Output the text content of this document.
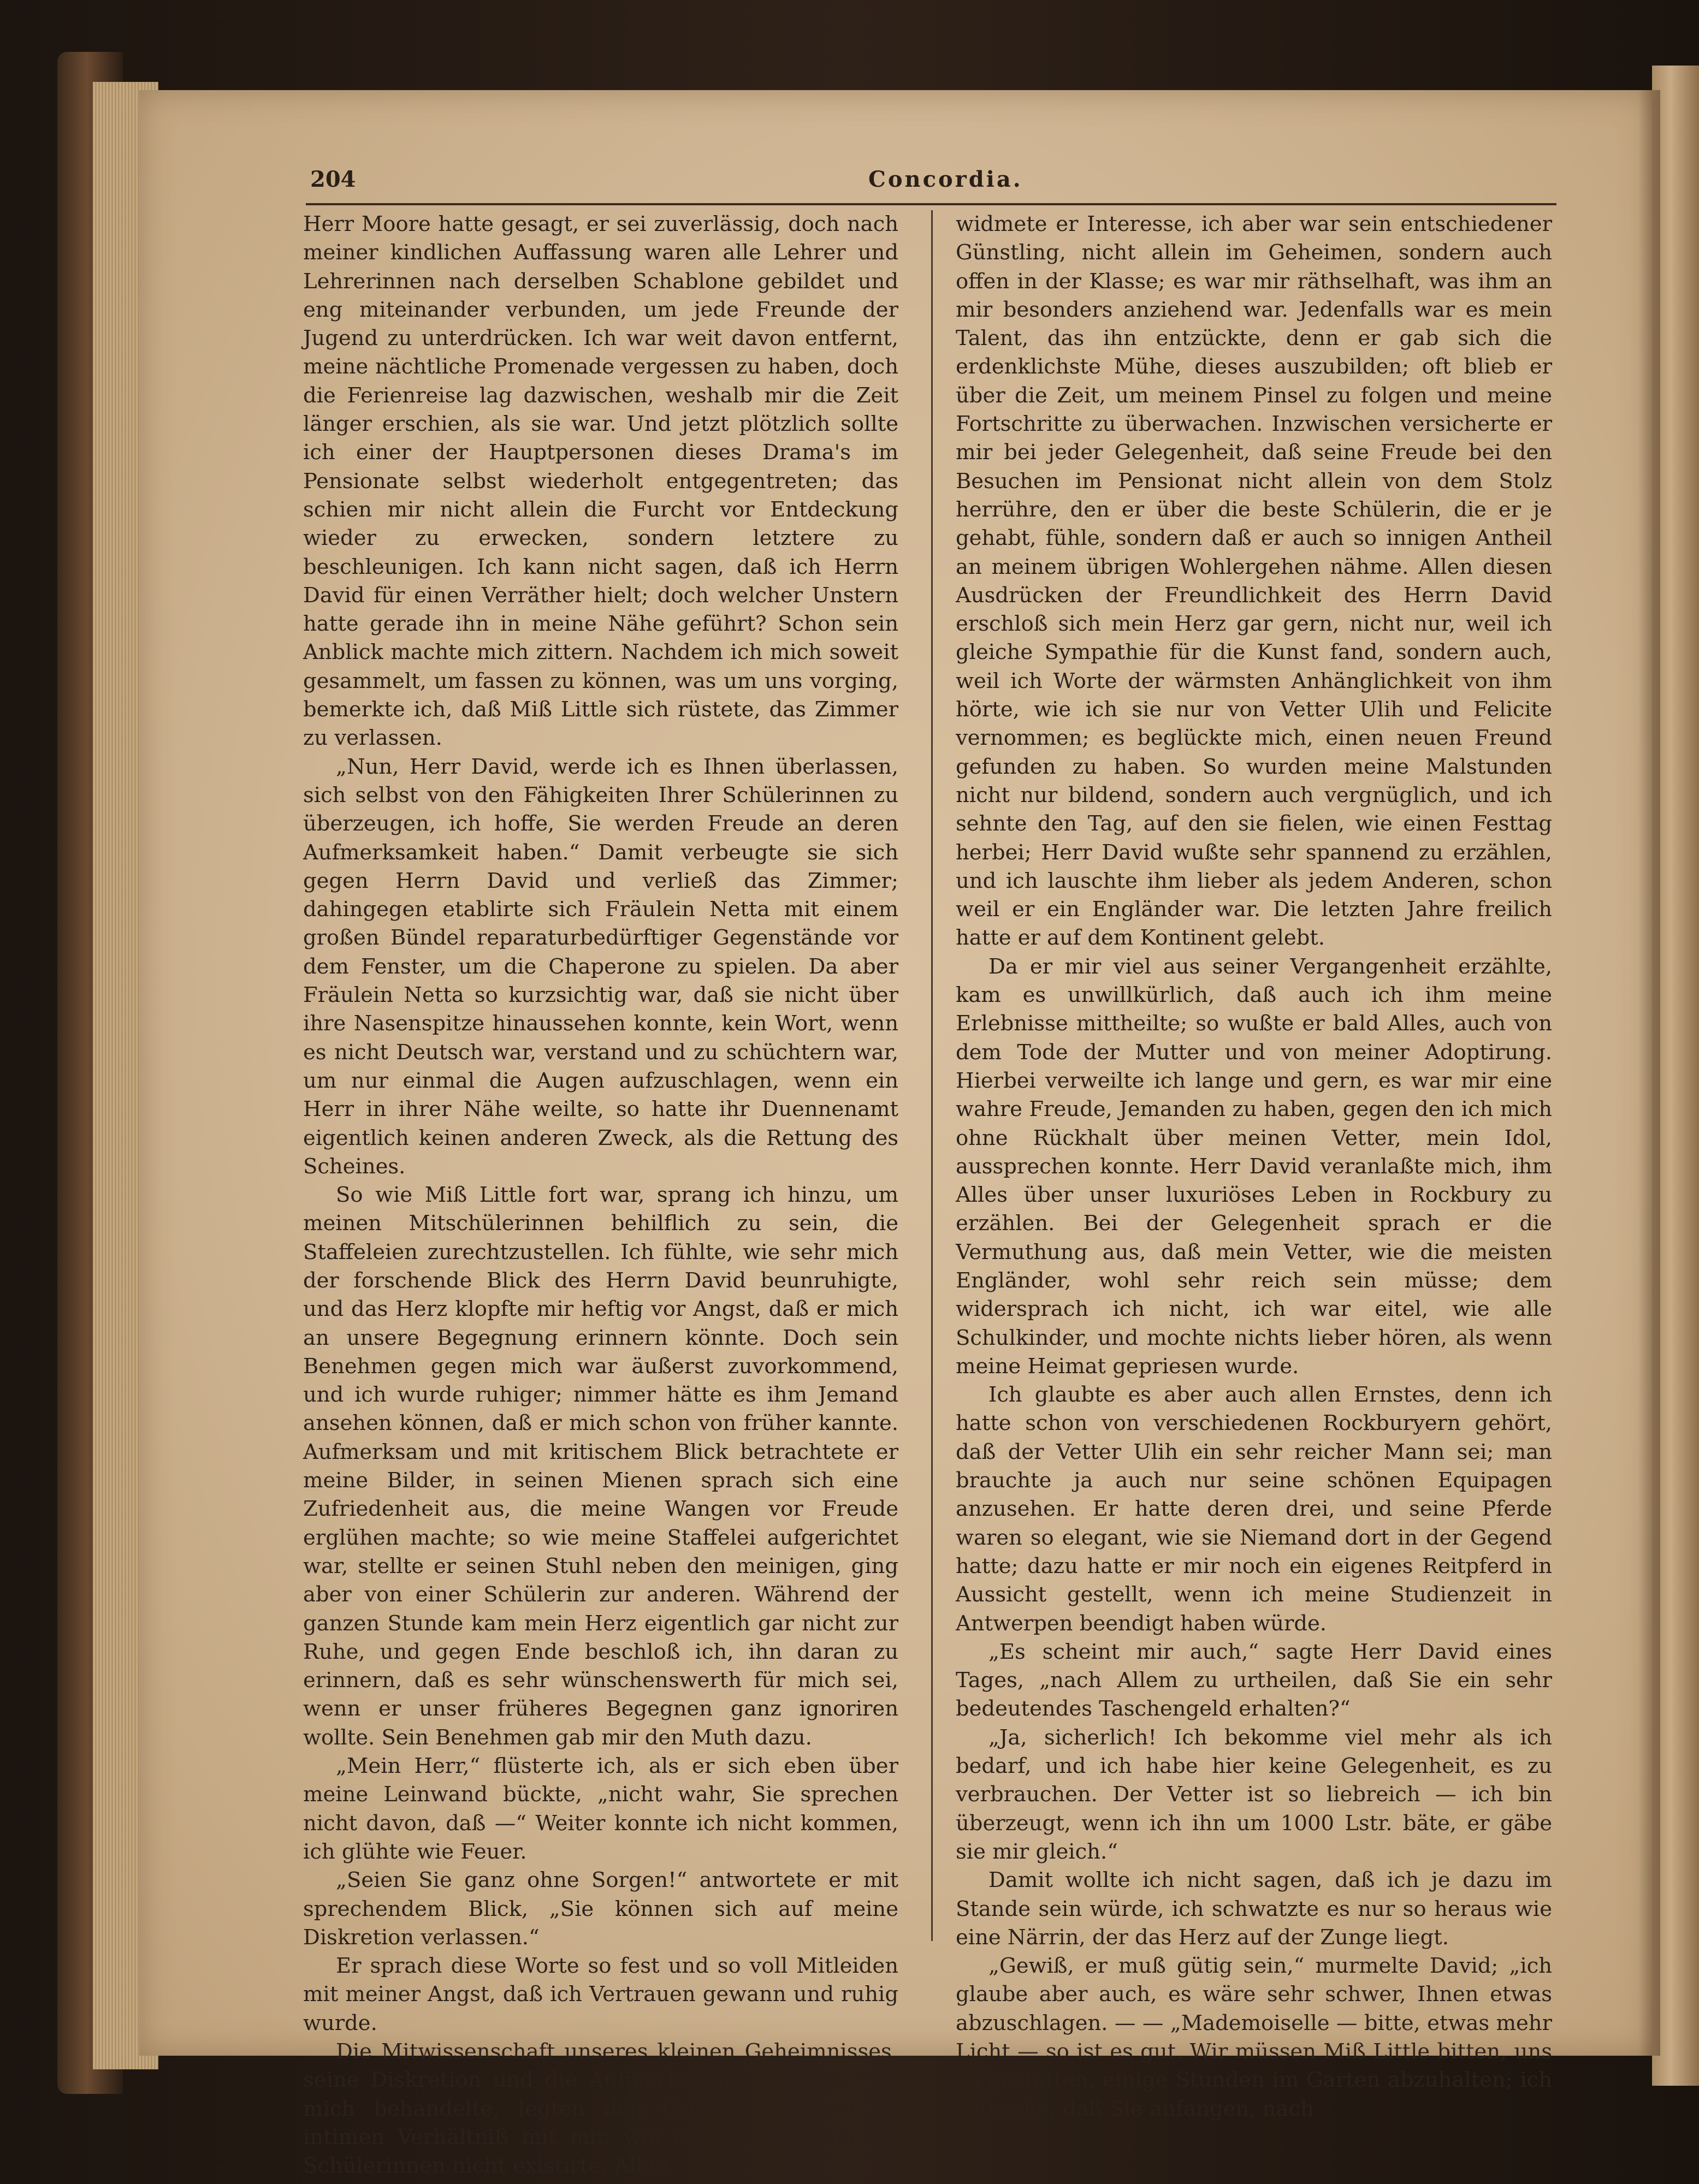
204	Concordia.

Herr Moore hatte gesagt, er sei zuverlässig, doch nach meiner kindlichen Auffassung waren alle Lehrer und Lehrerinnen nach derselben Schablone gebildet und eng miteinander verbunden, um jede Freunde der Jugend zu unterdrücken. Ich war weit davon entfernt, meine nächtliche Promenade vergessen zu haben, doch die Ferienreise lag dazwischen, weshalb mir die Zeit länger erschien, als sie war. Und jetzt plötzlich sollte ich einer der Hauptpersonen dieses Drama's im Pensionate selbst wiederholt entgegentreten; das schien mir nicht allein die Furcht vor Entdeckung wieder zu erwecken, sondern letztere zu beschleunigen. Ich kann nicht sagen, daß ich Herrn David für einen Verräther hielt; doch welcher Unstern hatte gerade ihn in meine Nähe geführt? Schon sein Anblick machte mich zittern. Nachdem ich mich soweit gesammelt, um fassen zu können, was um uns vorging, bemerkte ich, daß Miß Little sich rüstete, das Zimmer zu verlassen.

„Nun, Herr David, werde ich es Ihnen überlassen, sich selbst von den Fähigkeiten Ihrer Schülerinnen zu überzeugen, ich hoffe, Sie werden Freude an deren Aufmerksamkeit haben.“ Damit verbeugte sie sich gegen Herrn David und verließ das Zimmer; dahingegen etablirte sich Fräulein Netta mit einem großen Bündel reparaturbedürftiger Gegenstände vor dem Fenster, um die Chaperone zu spielen. Da aber Fräulein Netta so kurzsichtig war, daß sie nicht über ihre Nasenspitze hinaussehen konnte, kein Wort, wenn es nicht Deutsch war, verstand und zu schüchtern war, um nur einmal die Augen aufzuschlagen, wenn ein Herr in ihrer Nähe weilte, so hatte ihr Duennenamt eigentlich keinen anderen Zweck, als die Rettung des Scheines.

So wie Miß Little fort war, sprang ich hinzu, um meinen Mitschülerinnen behilflich zu sein, die Staffeleien zurechtzustellen. Ich fühlte, wie sehr mich der forschende Blick des Herrn David beunruhigte, und das Herz klopfte mir heftig vor Angst, daß er mich an unsere Begegnung erinnern könnte. Doch sein Benehmen gegen mich war äußerst zuvorkommend, und ich wurde ruhiger; nimmer hätte es ihm Jemand ansehen können, daß er mich schon von früher kannte. Aufmerksam und mit kritischem Blick betrachtete er meine Bilder, in seinen Mienen sprach sich eine Zufriedenheit aus, die meine Wangen vor Freude erglühen machte; so wie meine Staffelei aufgerichtet war, stellte er seinen Stuhl neben den meinigen, ging aber von einer Schülerin zur anderen. Während der ganzen Stunde kam mein Herz eigentlich gar nicht zur Ruhe, und gegen Ende beschloß ich, ihn daran zu erinnern, daß es sehr wünschenswerth für mich sei, wenn er unser früheres Begegnen ganz ignoriren wollte. Sein Benehmen gab mir den Muth dazu.

„Mein Herr,“ flüsterte ich, als er sich eben über meine Leinwand bückte, „nicht wahr, Sie sprechen nicht davon, daß —“ Weiter konnte ich nicht kommen, ich glühte wie Feuer.

„Seien Sie ganz ohne Sorgen!“ antwortete er mit sprechendem Blick, „Sie können sich auf meine Diskretion verlassen.“

Er sprach diese Worte so fest und so voll Mitleiden mit meiner Angst, daß ich Vertrauen gewann und ruhig wurde.

Die Mitwissenschaft unseres kleinen Geheimnisses, seine Diskretion und die Aufmerksamkeit, mit der er mich behandelte, legten den Grund zu einem so intimen Verhältniß mit mir, wie es mit den anderen Schülerinnen nicht existirte. Allen

widmete er Interesse, ich aber war sein entschiedener Günstling, nicht allein im Geheimen, sondern auch offen in der Klasse; es war mir räthselhaft, was ihm an mir besonders anziehend war. Jedenfalls war es mein Talent, das ihn entzückte, denn er gab sich die erdenklichste Mühe, dieses auszubilden; oft blieb er über die Zeit, um meinem Pinsel zu folgen und meine Fortschritte zu überwachen. Inzwischen versicherte er mir bei jeder Gelegenheit, daß seine Freude bei den Besuchen im Pensionat nicht allein von dem Stolz herrühre, den er über die beste Schülerin, die er je gehabt, fühle, sondern daß er auch so innigen Antheil an meinem übrigen Wohlergehen nähme. Allen diesen Ausdrücken der Freundlichkeit des Herrn David erschloß sich mein Herz gar gern, nicht nur, weil ich gleiche Sympathie für die Kunst fand, sondern auch, weil ich Worte der wärmsten Anhänglichkeit von ihm hörte, wie ich sie nur von Vetter Ulih und Felicite vernommen; es beglückte mich, einen neuen Freund gefunden zu haben. So wurden meine Malstunden nicht nur bildend, sondern auch vergnüglich, und ich sehnte den Tag, auf den sie fielen, wie einen Festtag herbei; Herr David wußte sehr spannend zu erzählen, und ich lauschte ihm lieber als jedem Anderen, schon weil er ein Engländer war. Die letzten Jahre freilich hatte er auf dem Kontinent gelebt.

Da er mir viel aus seiner Vergangenheit erzählte, kam es unwillkürlich, daß auch ich ihm meine Erlebnisse mittheilte; so wußte er bald Alles, auch von dem Tode der Mutter und von meiner Adoptirung. Hierbei verweilte ich lange und gern, es war mir eine wahre Freude, Jemanden zu haben, gegen den ich mich ohne Rückhalt über meinen Vetter, mein Idol, aussprechen konnte. Herr David veranlaßte mich, ihm Alles über unser luxuriöses Leben in Rockbury zu erzählen. Bei der Gelegenheit sprach er die Vermuthung aus, daß mein Vetter, wie die meisten Engländer, wohl sehr reich sein müsse; dem widersprach ich nicht, ich war eitel, wie alle Schulkinder, und mochte nichts lieber hören, als wenn meine Heimat gepriesen wurde.

Ich glaubte es aber auch allen Ernstes, denn ich hatte schon von verschiedenen Rockburyern gehört, daß der Vetter Ulih ein sehr reicher Mann sei; man brauchte ja auch nur seine schönen Equipagen anzusehen. Er hatte deren drei, und seine Pferde waren so elegant, wie sie Niemand dort in der Gegend hatte; dazu hatte er mir noch ein eigenes Reitpferd in Aussicht gestellt, wenn ich meine Studienzeit in Antwerpen beendigt haben würde.

„Es scheint mir auch,“ sagte Herr David eines Tages, „nach Allem zu urtheilen, daß Sie ein sehr bedeutendes Taschengeld erhalten?“

„Ja, sicherlich! Ich bekomme viel mehr als ich bedarf, und ich habe hier keine Gelegenheit, es zu verbrauchen. Der Vetter ist so liebreich — ich bin überzeugt, wenn ich ihn um 1000 Lstr. bäte, er gäbe sie mir gleich.“

Damit wollte ich nicht sagen, daß ich je dazu im Stande sein würde, ich schwatzte es nur so heraus wie eine Närrin, der das Herz auf der Zunge liegt.

„Gewiß, er muß gütig sein,“ murmelte David; „ich glaube aber auch, es wäre sehr schwer, Ihnen etwas abzuschlagen. — — „Mademoiselle — bitte, etwas mehr Licht — so ist es gut. Wir müssen Miß Little bitten, uns zu gestatten, einige Stunden im Garten abzuhalten; ich wünsche, daß Sie anfangen, nach
